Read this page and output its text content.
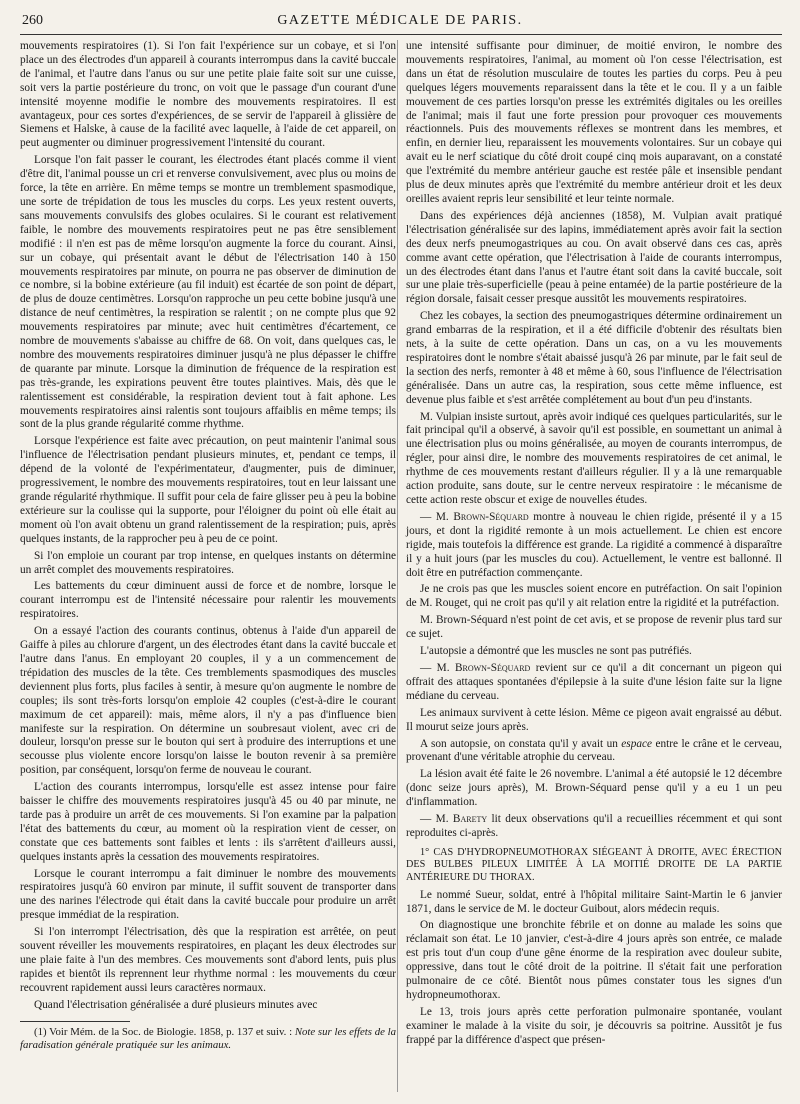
260	GAZETTE MÉDICALE DE PARIS.

mouvements respiratoires (1). Si l'on fait l'expérience sur un cobaye, et si l'on place un des électrodes d'un appareil à courants interrompus dans la cavité buccale de l'animal, et l'autre dans l'anus ou sur une petite plaie faite soit sur une cuisse, soit vers la partie postérieure du tronc, on voit que le passage d'un courant d'une intensité moyenne modifie le nombre des mouvements respiratoires. Il est avantageux, pour ces sortes d'expériences, de se servir de l'appareil à glissière de Siemens et Halske, à cause de la facilité avec laquelle, à l'aide de cet appareil, on peut augmenter ou diminuer progressivement l'intensité du courant.

Lorsque l'on fait passer le courant, les électrodes étant placés comme il vient d'être dit, l'animal pousse un cri et renverse convulsivement, avec plus ou moins de force, la tête en arrière. En même temps se montre un tremblement spasmodique, une sorte de trépidation de tous les muscles du corps. Les yeux restent ouverts, sans mouvements convulsifs des globes oculaires. Si le courant est relativement faible, le nombre des mouvements respiratoires peut ne pas être sensiblement modifié : il n'en est pas de même lorsqu'on augmente la force du courant. Ainsi, sur un cobaye, qui présentait avant le début de l'électrisation 140 à 150 mouvements respiratoires par minute, on pourra ne pas observer de diminution de ce nombre, si la bobine extérieure (au fil induit) est écartée de son point de départ, de plus de douze centimètres. Lorsqu'on rapproche un peu cette bobine jusqu'à une distance de neuf centimètres, la respiration se ralentit ; on ne compte plus que 92 mouvements respiratoires par minute; avec huit centimètres d'écartement, ce nombre de mouvements s'abaisse au chiffre de 68. On voit, dans quelques cas, le nombre des mouvements respiratoires diminuer jusqu'à ne plus dépasser le chiffre de quarante par minute. Lorsque la diminution de fréquence de la respiration est pas très-grande, les expirations peuvent être toutes plaintives. Mais, dès que le ralentissement est considérable, la respiration devient tout à fait aphone. Les mouvements respiratoires ainsi ralentis sont toujours affaiblis en même temps; ils sont de la plus grande régularité comme rhythme.

Lorsque l'expérience est faite avec précaution, on peut maintenir l'animal sous l'influence de l'électrisation pendant plusieurs minutes, et, pendant ce temps, il dépend de la volonté de l'expérimentateur, d'augmenter, puis de diminuer, progressivement, le nombre des mouvements respiratoires, tout en leur laissant une grande régularité rhythmique. Il suffit pour cela de faire glisser peu à peu la bobine extérieure sur la coulisse qui la supporte, pour l'éloigner du point où elle était au moment où l'on avait obtenu un grand ralentissement de la respiration; puis, après quelques instants, de la rapprocher peu à peu de ce point.

Si l'on emploie un courant par trop intense, en quelques instants on détermine un arrêt complet des mouvements respiratoires.

Les battements du cœur diminuent aussi de force et de nombre, lorsque le courant interrompu est de l'intensité nécessaire pour ralentir les mouvements respiratoires.

On a essayé l'action des courants continus, obtenus à l'aide d'un appareil de Gaiffe à piles au chlorure d'argent, un des électrodes étant dans la cavité buccale et l'autre dans l'anus. En employant 20 couples, il y a un commencement de trépidation des muscles de la tête. Ces tremblements spasmodiques des muscles deviennent plus forts, plus faciles à sentir, à mesure qu'on augmente le nombre de couples; ils sont très-forts lorsqu'on emploie 42 couples (c'est-à-dire le courant maximum de cet appareil): mais, même alors, il n'y a pas d'influence bien manifeste sur la respiration. On détermine un soubresaut violent, avec cri de douleur, lorsqu'on presse sur le bouton qui sert à produire des interruptions et une secousse plus violente encore lorsqu'on laisse le bouton revenir à sa première position, par conséquent, lorsqu'on ferme de nouveau le courant.

L'action des courants interrompus, lorsqu'elle est assez intense pour faire baisser le chiffre des mouvements respiratoires jusqu'à 45 ou 40 par minute, ne tarde pas à produire un arrêt de ces mouvements. Si l'on examine par la palpation l'état des battements du cœur, au moment où la respiration vient de cesser, on constate que ces battements sont faibles et lents : ils s'arrêtent d'ailleurs aussi, quelques instants après la cessation des mouvements respiratoires.

Lorsque le courant interrompu a fait diminuer le nombre des mouvements respiratoires jusqu'à 60 environ par minute, il suffit souvent de transporter dans une des narines l'électrode qui était dans la cavité buccale pour produire un arrêt presque immédiat de la respiration.

Si l'on interrompt l'électrisation, dès que la respiration est arrêtée, on peut souvent réveiller les mouvements respiratoires, en plaçant les deux électrodes sur une plaie faite à l'un des membres. Ces mouvements sont d'abord lents, puis plus rapides et bientôt ils reprennent leur rhythme normal : les mouvements du cœur recouvrent rapidement aussi leurs caractères normaux.

Quand l'électrisation généralisée a duré plusieurs minutes avec

(1) Voir Mém. de la Soc. de Biologie. 1858, p. 137 et suiv. : Note sur les effets de la faradisation générale pratiquée sur les animaux.

une intensité suffisante pour diminuer, de moitié environ, le nombre des mouvements respiratoires, l'animal, au moment où l'on cesse l'électrisation, est dans un état de résolution musculaire de toutes les parties du corps. Peu à peu quelques légers mouvements reparaissent dans la tête et le cou. Il y a un faible mouvement de ces parties lorsqu'on presse les extrémités digitales ou les oreilles de l'animal; mais il faut une forte pression pour provoquer ces mouvements réactionnels. Puis des mouvements réflexes se montrent dans les membres, et enfin, en dernier lieu, reparaissent les mouvements volontaires. Sur un cobaye qui avait eu le nerf sciatique du côté droit coupé cinq mois auparavant, on a constaté que l'extrémité du membre antérieur gauche est restée pâle et insensible pendant plus de deux minutes après que l'extrémité du membre antérieur droit et les deux oreilles avaient repris leur sensibilité et leur teinte normale.

Dans des expériences déjà anciennes (1858), M. Vulpian avait pratiqué l'électrisation généralisée sur des lapins, immédiatement après avoir fait la section des deux nerfs pneumogastriques au cou. On avait observé dans ces cas, après comme avant cette opération, que l'électrisation à l'aide de courants interrompus, un des électrodes étant dans l'anus et l'autre étant soit dans la cavité buccale, soit sur une plaie très-superficielle (peau à peine entamée) de la partie postérieure de la région dorsale, faisait cesser presque aussitôt les mouvements respiratoires.

Chez les cobayes, la section des pneumogastriques détermine ordinairement un grand embarras de la respiration, et il a été difficile d'obtenir des résultats bien nets, à la suite de cette opération. Dans un cas, on a vu les mouvements respiratoires dont le nombre s'était abaissé jusqu'à 26 par minute, par le fait seul de la section des nerfs, remonter à 48 et même à 60, sous l'influence de l'électrisation généralisée. Dans un autre cas, la respiration, sous cette même influence, est devenue plus faible et s'est arrêtée complétement au bout d'un peu d'instants.

M. Vulpian insiste surtout, après avoir indiqué ces quelques particularités, sur le fait principal qu'il a observé, à savoir qu'il est possible, en soumettant un animal à une électrisation plus ou moins généralisée, au moyen de courants interrompus, de régler, pour ainsi dire, le nombre des mouvements respiratoires de cet animal, le rhythme de ces mouvements restant d'ailleurs régulier. Il y a là une remarquable action produite, sans doute, sur le centre nerveux respiratoire : le mécanisme de cette action reste obscur et exige de nouvelles études.

— M. Brown-Séquard montre à nouveau le chien rigide, présenté il y a 15 jours, et dont la rigidité remonte à un mois actuellement. Le chien est encore rigide, mais toutefois la différence est grande. La rigidité a commencé à disparaître il y a huit jours (par les muscles du cou). Actuellement, le ventre est ballonné. Il doit être en putréfaction commençante.

Je ne crois pas que les muscles soient encore en putréfaction. On sait l'opinion de M. Rouget, qui ne croit pas qu'il y ait relation entre la rigidité et la putréfaction.

M. Brown-Séquard n'est point de cet avis, et se propose de revenir plus tard sur ce sujet.

L'autopsie a démontré que les muscles ne sont pas putréfiés.

— M. Brown-Séquard revient sur ce qu'il a dit concernant un pigeon qui offrait des attaques spontanées d'épilepsie à la suite d'une lésion faite sur la ligne médiane du cerveau.

Les animaux survivent à cette lésion. Même ce pigeon avait engraissé au début. Il mourut seize jours après.

A son autopsie, on constata qu'il y avait un espace entre le crâne et le cerveau, provenant d'une véritable atrophie du cerveau.

La lésion avait été faite le 26 novembre. L'animal a été autopsié le 12 décembre (donc seize jours après), M. Brown-Séquard pense qu'il y a eu 1 un peu d'inflammation.

— M. Barety lit deux observations qu'il a recueillies récemment et qui sont reproduites ci-après.

1° CAS D'HYDROPNEUMOTHORAX SIÉGEANT À DROITE, AVEC ÉRECTION DES BULBES PILEUX LIMITÉE À LA MOITIÉ DROITE DE LA PARTIE ANTÉRIEURE DU THORAX.

Le nommé Sueur, soldat, entré à l'hôpital militaire Saint-Martin le 6 janvier 1871, dans le service de M. le docteur Guibout, alors médecin requis.

On diagnostique une bronchite fébrile et on donne au malade les soins que réclamait son état. Le 10 janvier, c'est-à-dire 4 jours après son entrée, ce malade est pris tout d'un coup d'une gêne énorme de la respiration avec douleur subite, oppressive, dans tout le côté droit de la poitrine. Il s'était fait une perforation pulmonaire de ce côté. Bientôt nous pûmes constater tous les signes d'un hydropneumothorax.

Le 13, trois jours après cette perforation pulmonaire spontanée, voulant examiner le malade à la visite du soir, je découvris sa poitrine. Aussitôt je fus frappé par la différence d'aspect que présen-
